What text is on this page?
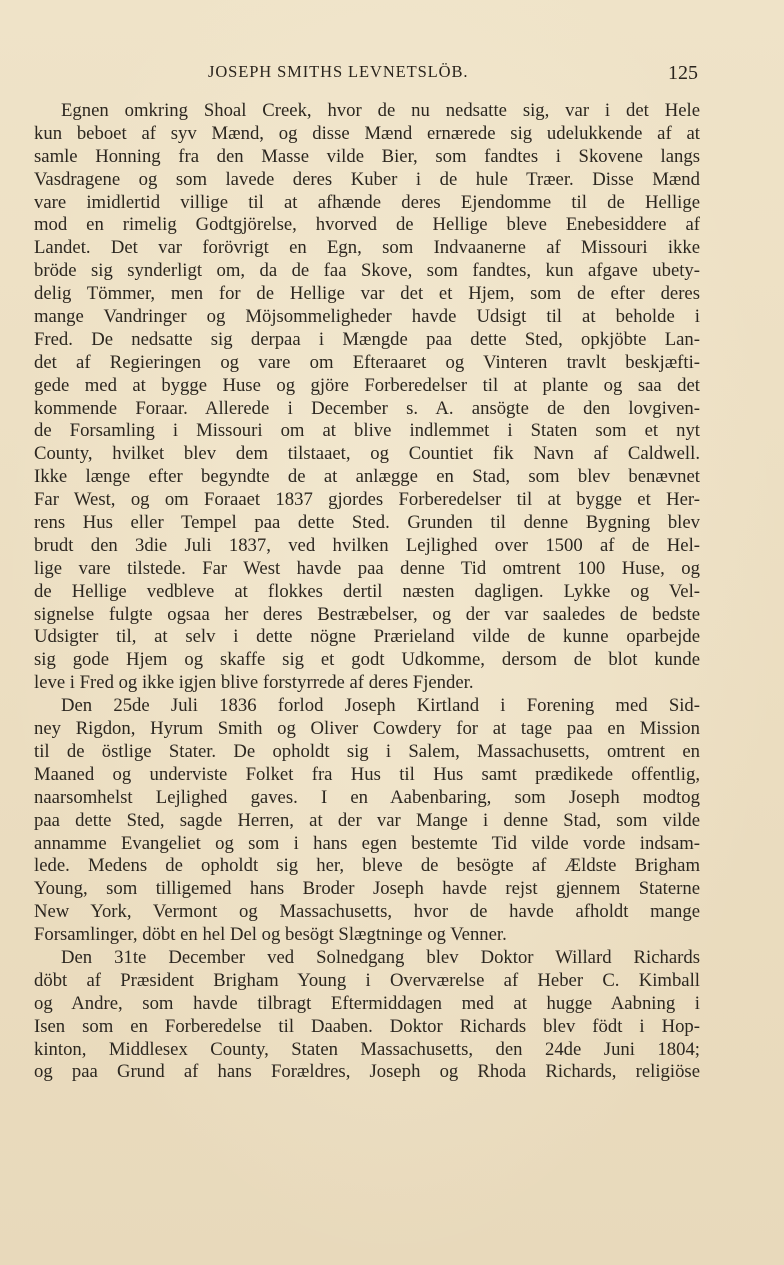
JOSEPH SMITHS LEVNETSLÖB.	125
Egnen omkring Shoal Creek, hvor de nu nedsatte sig, var i det Hele
kun beboet af syv Mænd, og disse Mænd ernærede sig udelukkende af at
samle Honning fra den Masse vilde Bier, som fandtes i Skovene langs
Vasdragene og som lavede deres Kuber i de hule Træer. Disse Mænd
vare imidlertid villige til at afhænde deres Ejendomme til de Hellige
mod en rimelig Godtgjörelse, hvorved de Hellige bleve Enebesiddere af
Landet. Det var forövrigt en Egn, som Indvaanerne af Missouri ikke
bröde sig synderligt om, da de faa Skove, som fandtes, kun afgave ubety-
delig Tömmer, men for de Hellige var det et Hjem, som de efter deres
mange Vandringer og Möjsommeligheder havde Udsigt til at beholde i
Fred. De nedsatte sig derpaa i Mængde paa dette Sted, opkjöbte Lan-
det af Regieringen og vare om Efteraaret og Vinteren travlt beskjæfti-
gede med at bygge Huse og gjöre Forberedelser til at plante og saa det
kommende Foraar. Allerede i December s. A. ansögte de den lovgiven-
de Forsamling i Missouri om at blive indlemmet i Staten som et nyt
County, hvilket blev dem tilstaaet, og Countiet fik Navn af Caldwell.
Ikke længe efter begyndte de at anlægge en Stad, som blev benævnet
Far West, og om Foraaet 1837 gjordes Forberedelser til at bygge et Her-
rens Hus eller Tempel paa dette Sted. Grunden til denne Bygning blev
brudt den 3die Juli 1837, ved hvilken Lejlighed over 1500 af de Hel-
lige vare tilstede. Far West havde paa denne Tid omtrent 100 Huse, og
de Hellige vedbleve at flokkes dertil næsten dagligen. Lykke og Vel-
signelse fulgte ogsaa her deres Bestræbelser, og der var saaledes de bedste
Udsigter til, at selv i dette nögne Prærieland vilde de kunne oparbejde
sig gode Hjem og skaffe sig et godt Udkomme, dersom de blot kunde
leve i Fred og ikke igjen blive forstyrrede af deres Fjender.
Den 25de Juli 1836 forlod Joseph Kirtland i Forening med Sid-
ney Rigdon, Hyrum Smith og Oliver Cowdery for at tage paa en Mission
til de östlige Stater. De opholdt sig i Salem, Massachusetts, omtrent en
Maaned og underviste Folket fra Hus til Hus samt prædikede offentlig,
naarsomhelst Lejlighed gaves. I en Aabenbaring, som Joseph modtog
paa dette Sted, sagde Herren, at der var Mange i denne Stad, som vilde
annamme Evangeliet og som i hans egen bestemte Tid vilde vorde indsam-
lede. Medens de opholdt sig her, bleve de besögte af Ældste Brigham
Young, som tilligemed hans Broder Joseph havde rejst gjennem Staterne
New York, Vermont og Massachusetts, hvor de havde afholdt mange
Forsamlinger, döbt en hel Del og besögt Slægtninge og Venner.
Den 31te December ved Solnedgang blev Doktor Willard Richards
döbt af Præsident Brigham Young i Overværelse af Heber C. Kimball
og Andre, som havde tilbragt Eftermiddagen med at hugge Aabning i
Isen som en Forberedelse til Daaben. Doktor Richards blev födt i Hop-
kinton, Middlesex County, Staten Massachusetts, den 24de Juni 1804;
og paa Grund af hans Forældres, Joseph og Rhoda Richards, religiöse
